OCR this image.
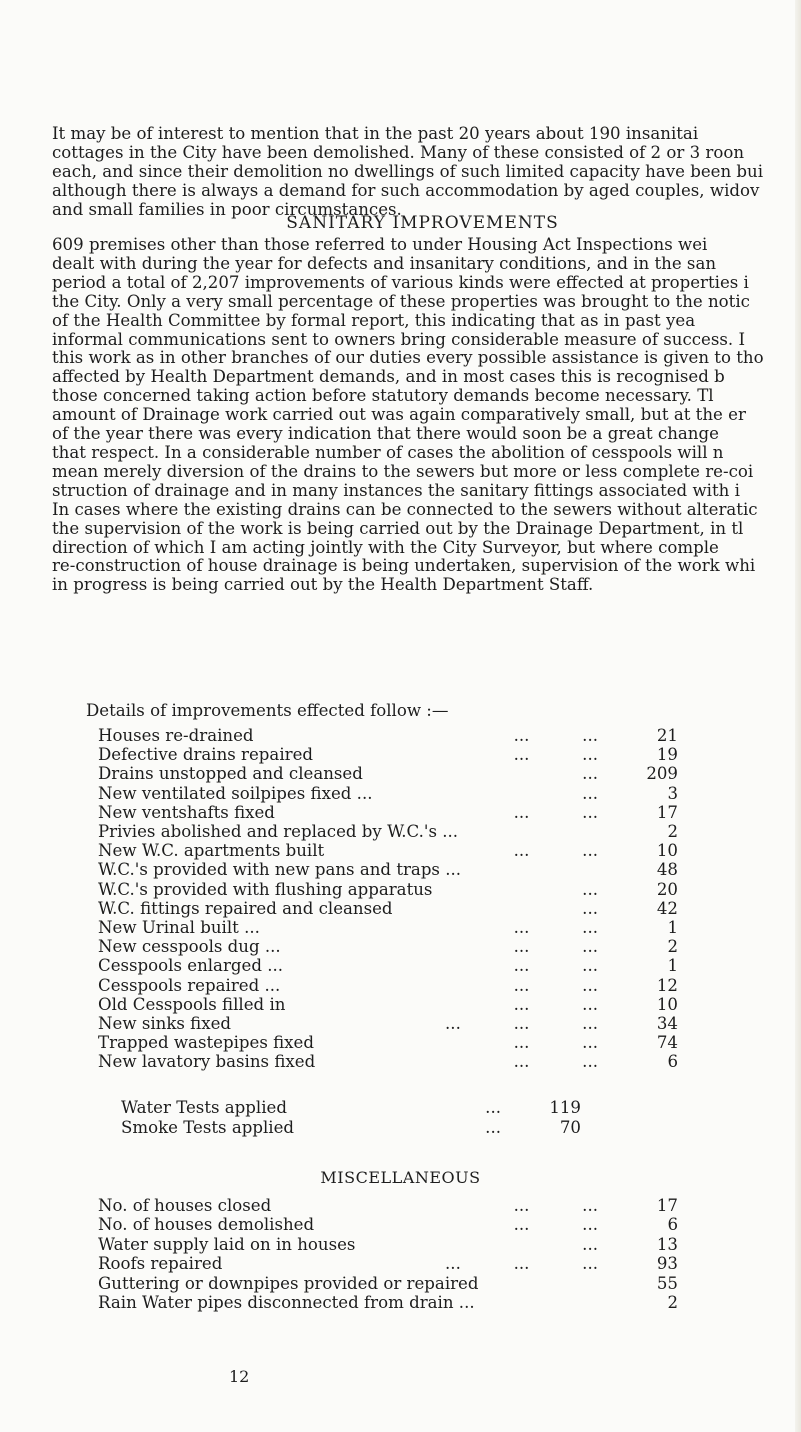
It may be of interest to mention that in the past 20 years about 190 insanitai
cottages in the City have been demolished. Many of these consisted of 2 or 3 roon
each, and since their demolition no dwellings of such limited capacity have been bui
although there is always a demand for such accommodation by aged couples, widov
and small families in poor circumstances.
SANITARY IMPROVEMENTS
609 premises other than those referred to under Housing Act Inspections wei
dealt with during the year for defects and insanitary conditions, and in the san
period a total of 2,207 improvements of various kinds were effected at properties i
the City. Only a very small percentage of these properties was brought to the notic
of the Health Committee by formal report, this indicating that as in past yea
informal communications sent to owners bring considerable measure of success. I
this work as in other branches of our duties every possible assistance is given to tho
affected by Health Department demands, and in most cases this is recognised b
those concerned taking action before statutory demands become necessary. Tl
amount of Drainage work carried out was again comparatively small, but at the er
of the year there was every indication that there would soon be a great change
that respect. In a considerable number of cases the abolition of cesspools will n
mean merely diversion of the drains to the sewers but more or less complete re-coi
struction of drainage and in many instances the sanitary fittings associated with i
In cases where the existing drains can be connected to the sewers without alteratic
the supervision of the work is being carried out by the Drainage Department, in tl
direction of which I am acting jointly with the City Surveyor, but where comple
re-construction of house drainage is being undertaken, supervision of the work whi
in progress is being carried out by the Health Department Staff.
Details of improvements effected follow :—
Houses re-drained	...          ...	21
Defective drains repaired	...          ...	19
Drains unstopped and cleansed	...	209
New ventilated soilpipes fixed ...	...	3
New ventshafts fixed	...          ...	17
Privies abolished and replaced by W.C.'s ...	2
New W.C. apartments built	...          ...	10
W.C.'s provided with new pans and traps ...	48
W.C.'s provided with flushing apparatus	...	20
W.C. fittings repaired and cleansed	...	42
New Urinal built ...	...          ...	1
New cesspools dug ...	...          ...	2
Cesspools enlarged ...	...          ...	1
Cesspools repaired ...	...          ...	12
Old Cesspools filled in	...          ...	10
New sinks fixed	...          ...          ...	34
Trapped wastepipes fixed	...          ...	74
New lavatory basins fixed	...          ...	6
Water Tests applied	...	119
Smoke Tests applied	...	70
MISCELLANEOUS
No. of houses closed	...          ...	17
No. of houses demolished	...          ...	6
Water supply laid on in houses	...	13
Roofs repaired	...          ...          ...	93
Guttering or downpipes provided or repaired	55
Rain Water pipes disconnected from drain ...	2
12
